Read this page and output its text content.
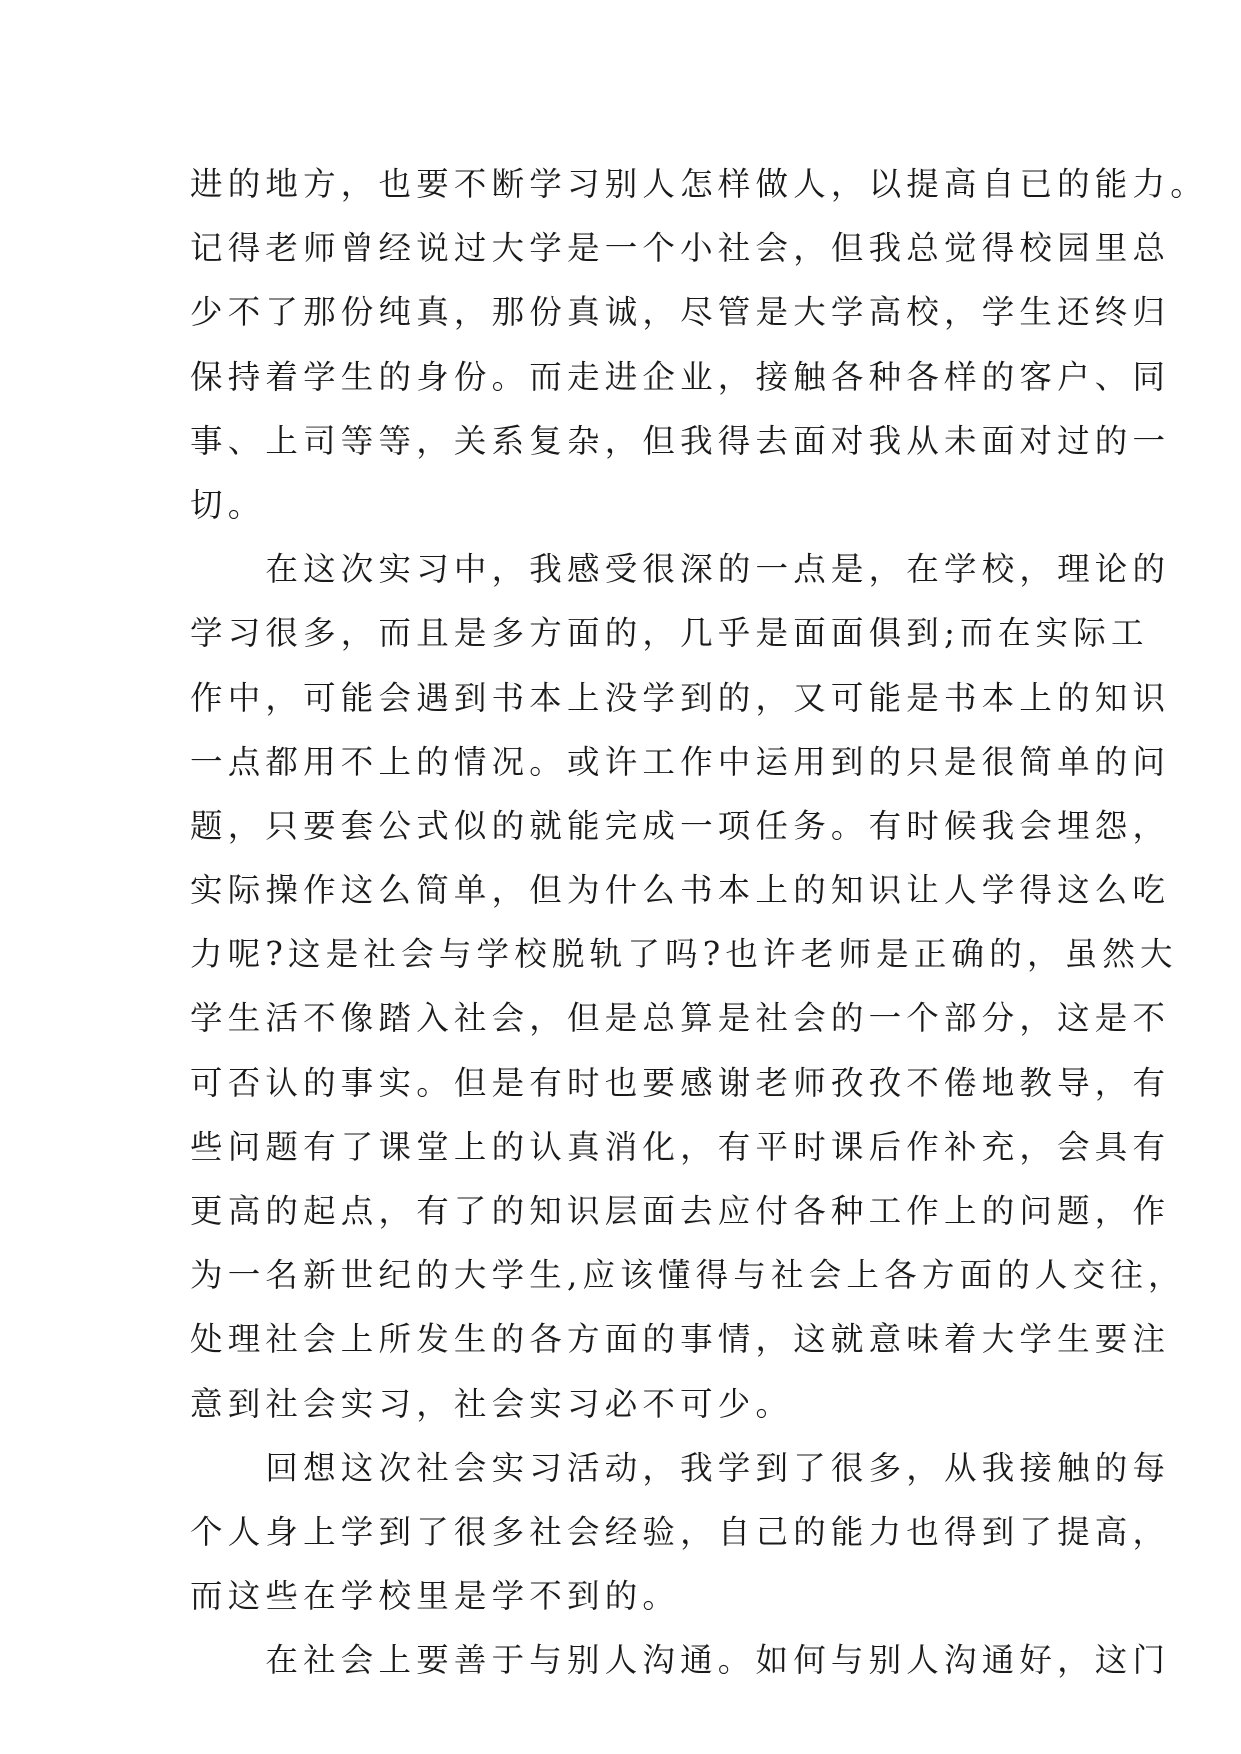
进的地方，也要不断学习别人怎样做人，以提高自已的能力。
记得老师曾经说过大学是一个小社会，但我总觉得校园里总
少不了那份纯真，那份真诚，尽管是大学高校，学生还终归
保持着学生的身份。而走进企业，接触各种各样的客户、同
事、上司等等，关系复杂，但我得去面对我从未面对过的一
切。
　　在这次实习中，我感受很深的一点是，在学校，理论的
学习很多，而且是多方面的，几乎是面面俱到;而在实际工
作中，可能会遇到书本上没学到的，又可能是书本上的知识
一点都用不上的情况。或许工作中运用到的只是很简单的问
题，只要套公式似的就能完成一项任务。有时候我会埋怨，
实际操作这么简单，但为什么书本上的知识让人学得这么吃
力呢?这是社会与学校脱轨了吗?也许老师是正确的，虽然大
学生活不像踏入社会，但是总算是社会的一个部分，这是不
可否认的事实。但是有时也要感谢老师孜孜不倦地教导，有
些问题有了课堂上的认真消化，有平时课后作补充，会具有
更高的起点，有了的知识层面去应付各种工作上的问题，作
为一名新世纪的大学生,应该懂得与社会上各方面的人交往，
处理社会上所发生的各方面的事情，这就意味着大学生要注
意到社会实习，社会实习必不可少。
　　回想这次社会实习活动，我学到了很多，从我接触的每
个人身上学到了很多社会经验，自己的能力也得到了提高，
而这些在学校里是学不到的。
　　在社会上要善于与别人沟通。如何与别人沟通好，这门
